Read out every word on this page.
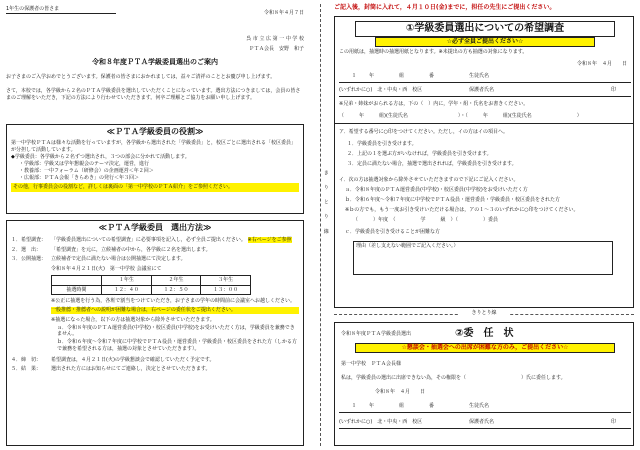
1年生の保護者の皆さま
令和８年４月７日
呉 市 立 広 第 一 中 学 校
ＰＴＡ会長　安野　和子
令和８年度ＰＴＡ学級委員選出のご案内
お子さまのご入学おめでとうございます。保護者の皆さまにおかれましては，益々ご清祥のこととお慶び申し上げます。
さて，本校では，各学級から２名のＰＴＡ学級委員を選出していただくことになっています。選出方法につきましては，会員の皆さまのご理解をいただき，下記の方法により行わせていただきます。何卒ご理解とご協力をお願い申し上げます。
≪ＰＴＡ学級委員の役割≫
第一中学校ＰＴＡは様々な活動を行っていますが，各学級から選出された「学級委員」と，校区ごとに選出される「校区委員」が分担して活動しています。
◆学級委員：各学級から２名ずつ選出され，３つの部会に分かれて活動します。
・学級部：学級又は学年懇親会のテーマ決定，運営，進行
・教養部：一中フォーラム（研修会）の企画運営＜年２回＞
・広報部：ＰＴＡ会報「きらめき」の発行＜年３回＞
その他，行事委員会の役割など，詳しくは裏面の「第一中学校のＰＴＡ紹介」をご参照ください。
≪ＰＴＡ学級委員　選出方法≫
１． 希望調査： 「学級委員選出についての希望調査」に必要事項を記入し，必ず全員ご提出ください。 ※右ページをご参照
２． 選　出：	「希望調査」を元に，立候補者の中から，各学級に２名を選出します。
３． 公開抽選： 立候補者で定員に満たない場合は公開抽選にて決定します。
令和８年４月２１日(火)　第一中学校 会議室にて
	１年生	２年生	３年生
抽選時間	１２：４０	１２：５０	１３：００
※公正に抽選を行う為，各班で割当をつけていただき，お子さまの学年の時間前に会議室へお越しください。
一般推薦・推薦者への説明が困難な場合は，右ページの委任状をご提出ください。
※抽選になった場合，以下の方は抽選対象から除外させていただきます。
ａ．令和８年度のＰＴＡ運営委員(中学校)・校区委員(中学校)をお受けいただく方は，学級委員を兼務できません。
ｂ．令和６年度～令和７年度に中学校でＰＴＡ役員・運営委員・学級委員・校区委員をされた方（しかる方で兼務を希望される方は，抽選の対象とさせていただきます）。
４． 締　切：	希望調査は，４月２１日(火)の学級懇談会で確認していただく予定です。
５． 結　果：	選出された方にはお知らせにてご連絡し，決定とさせていただきます。
き り と り 線
ご記入後，封筒に入れて，４月１０日(金)までに，担任の先生にご提出ください。
①学級委員選出についての希望調査
☆必ず全員ご提出ください☆
この用紙は，抽選時の抽選用紙となります。※未提出の方も抽選の対象になります。
令和８年　４月　　日
１	年	組	番	生徒氏名
(いずれかに○)　北・中央・西　校区	保護者氏名	印
※兄弟・姉妹がおられる方は，下の（　）内に，学年・組・氏名をお書きください。
（　　　年　　　組)(生徒氏名　　　　　　　　　　）・（　　　年　　　組)(生徒氏名　　　　　　　　　）
ア．希望する番号に○印をつけてください。ただし，イの方はイの項目へ。
１．学級委員を引き受けます。
２．上記の１を選ぶ方がいなければ，学級委員を引き受けます。
３．定員に満たない場合，抽選で選出されれば，学級委員を引き受けます。
イ．次の方は抽選対象から除外させていただきますので下記にご記入ください。
ａ．令和８年度のＰＴＡ運営委員(中学校)・校区委員(中学校)をお受けいただく方
ｂ．令和６年度～令和７年度に中学校でＰＴＡ役員・運営委員・学級委員・校区委員をされた方
※ｂの方でも，もう一度お引き受けいただける場合は，アの１～３のいずれかに○印をつけてください。
（　　　）年度　（　　　　　学　　　級　）（　　　　　）委員
ｃ．学級委員を引き受けることが困難な方
理由（差し支えない範囲でご記入ください。）
きりとり線
令和８年度ＰＴＡ学級委員選出	②委　任　状
☆懇談会・抽選会への出席が困難な方のみ，ご提出ください☆
第一中学校　ＰＴＡ会長様
私は，学級委員の選出に出席できない為，その権限を（　　　　　　　　　　　）氏に委任します。
令和８年　４月　　日
１	年	組	番	生徒氏名
(いずれかに○)　北・中央・西　校区	保護者氏名	印
